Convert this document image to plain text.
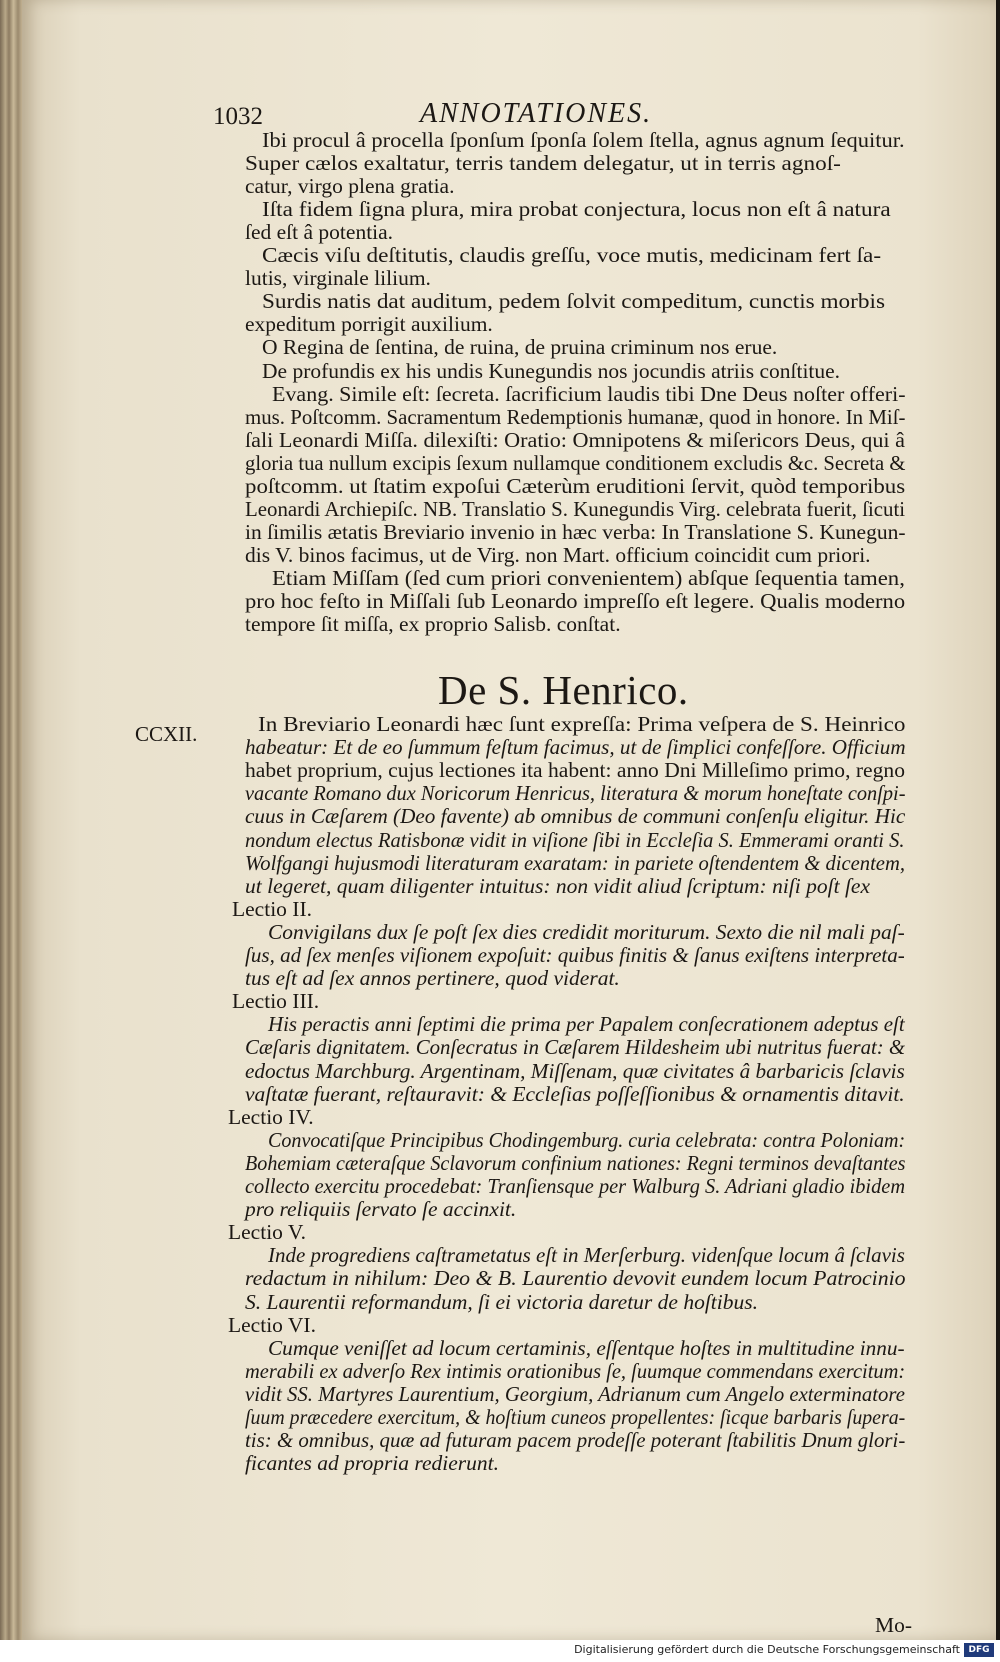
1032	ANNOTATIONES.
Ibi procul â procella ſponſum ſponſa ſolem ſtella, agnus agnum ſequitur.
Super cælos exaltatur, terris tandem delegatur, ut in terris agnoſ-
catur, virgo plena gratia.
Iſta fidem ſigna plura, mira probat conjectura, locus non eſt â natura
ſed eſt â potentia.
Cæcis viſu deſtitutis, claudis greſſu, voce mutis, medicinam fert ſa-
lutis, virginale lilium.
Surdis natis dat auditum, pedem ſolvit compeditum, cunctis morbis
expeditum porrigit auxilium.
O Regina de ſentina, de ruina, de pruina criminum nos erue.
De profundis ex his undis Kunegundis nos jocundis atriis conſtitue.
Evang. Simile eſt: ſecreta. ſacrificium laudis tibi Dne Deus noſter offeri-
mus. Poſtcomm. Sacramentum Redemptionis humanæ, quod in honore. In Miſ-
ſali Leonardi Miſſa. dilexiſti: Oratio: Omnipotens & miſericors Deus, qui â
gloria tua nullum excipis ſexum nullamque conditionem excludis &c. Secreta &
poſtcomm. ut ſtatim expoſui Cæterùm eruditioni ſervit, quòd temporibus
Leonardi Archiepiſc. NB. Translatio S. Kunegundis Virg. celebrata fuerit, ſicuti
in ſimilis ætatis Breviario invenio in hæc verba: In Translatione S. Kunegun-
dis V. binos facimus, ut de Virg. non Mart. officium coincidit cum priori.
Etiam Miſſam (ſed cum priori convenientem) abſque ſequentia tamen,
pro hoc feſto in Miſſali ſub Leonardo impreſſo eſt legere. Qualis moderno
tempore ſit miſſa, ex proprio Salisb. conſtat.
De S. Henrico.
CCXII.	In Breviario Leonardi hæc ſunt expreſſa: Prima veſpera de S. Heinrico
habeatur: Et de eo ſummum feſtum facimus, ut de ſimplici confeſſore. Officium
habet proprium, cujus lectiones ita habent: anno Dni Milleſimo primo, regno
vacante Romano dux Noricorum Henricus, literatura & morum honeſtate conſpi-
cuus in Cæſarem (Deo favente) ab omnibus de communi conſenſu eligitur. Hic
nondum electus Ratisbonæ vidit in viſione ſibi in Eccleſia S. Emmerami oranti S.
Wolfgangi hujusmodi literaturam exaratam: in pariete oſtendentem & dicentem,
ut legeret, quam diligenter intuitus: non vidit aliud ſcriptum: niſi poſt ſex
Lectio II.
Convigilans dux ſe poſt ſex dies credidit moriturum. Sexto die nil mali paſ-
ſus, ad ſex menſes viſionem expoſuit: quibus finitis & ſanus exiſtens interpreta-
tus eſt ad ſex annos pertinere, quod viderat.
Lectio III.
His peractis anni ſeptimi die prima per Papalem conſecrationem adeptus eſt
Cæſaris dignitatem. Conſecratus in Cæſarem Hildesheim ubi nutritus fuerat: &
edoctus Marchburg. Argentinam, Miſſenam, quæ civitates â barbaricis ſclavis
vaſtatæ fuerant, reſtauravit: & Eccleſias poſſeſſionibus & ornamentis ditavit.
Lectio IV.
Convocatiſque Principibus Chodingemburg. curia celebrata: contra Poloniam:
Bohemiam cæteraſque Sclavorum confinium nationes: Regni terminos devaſtantes
collecto exercitu procedebat: Tranſiensque per Walburg S. Adriani gladio ibidem
pro reliquiis ſervato ſe accinxit.
Lectio V.
Inde progrediens caſtrametatus eſt in Merſerburg. videnſque locum â ſclavis
redactum in nihilum: Deo & B. Laurentio devovit eundem locum Patrocinio
S. Laurentii reformandum, ſi ei victoria daretur de hoſtibus.
Lectio VI.
Cumque veniſſet ad locum certaminis, eſſentque hoſtes in multitudine innu-
merabili ex adverſo Rex intimis orationibus ſe, ſuumque commendans exercitum:
vidit SS. Martyres Laurentium, Georgium, Adrianum cum Angelo exterminatore
ſuum præcedere exercitum, & hoſtium cuneos propellentes: ſicque barbaris ſupera-
tis: & omnibus, quæ ad futuram pacem prodeſſe poterant ſtabilitis Dnum glori-
ficantes ad propria redierunt.
Mo-
Digitalisierung gefördert durch die Deutsche Forschungsgemeinschaft DFG
